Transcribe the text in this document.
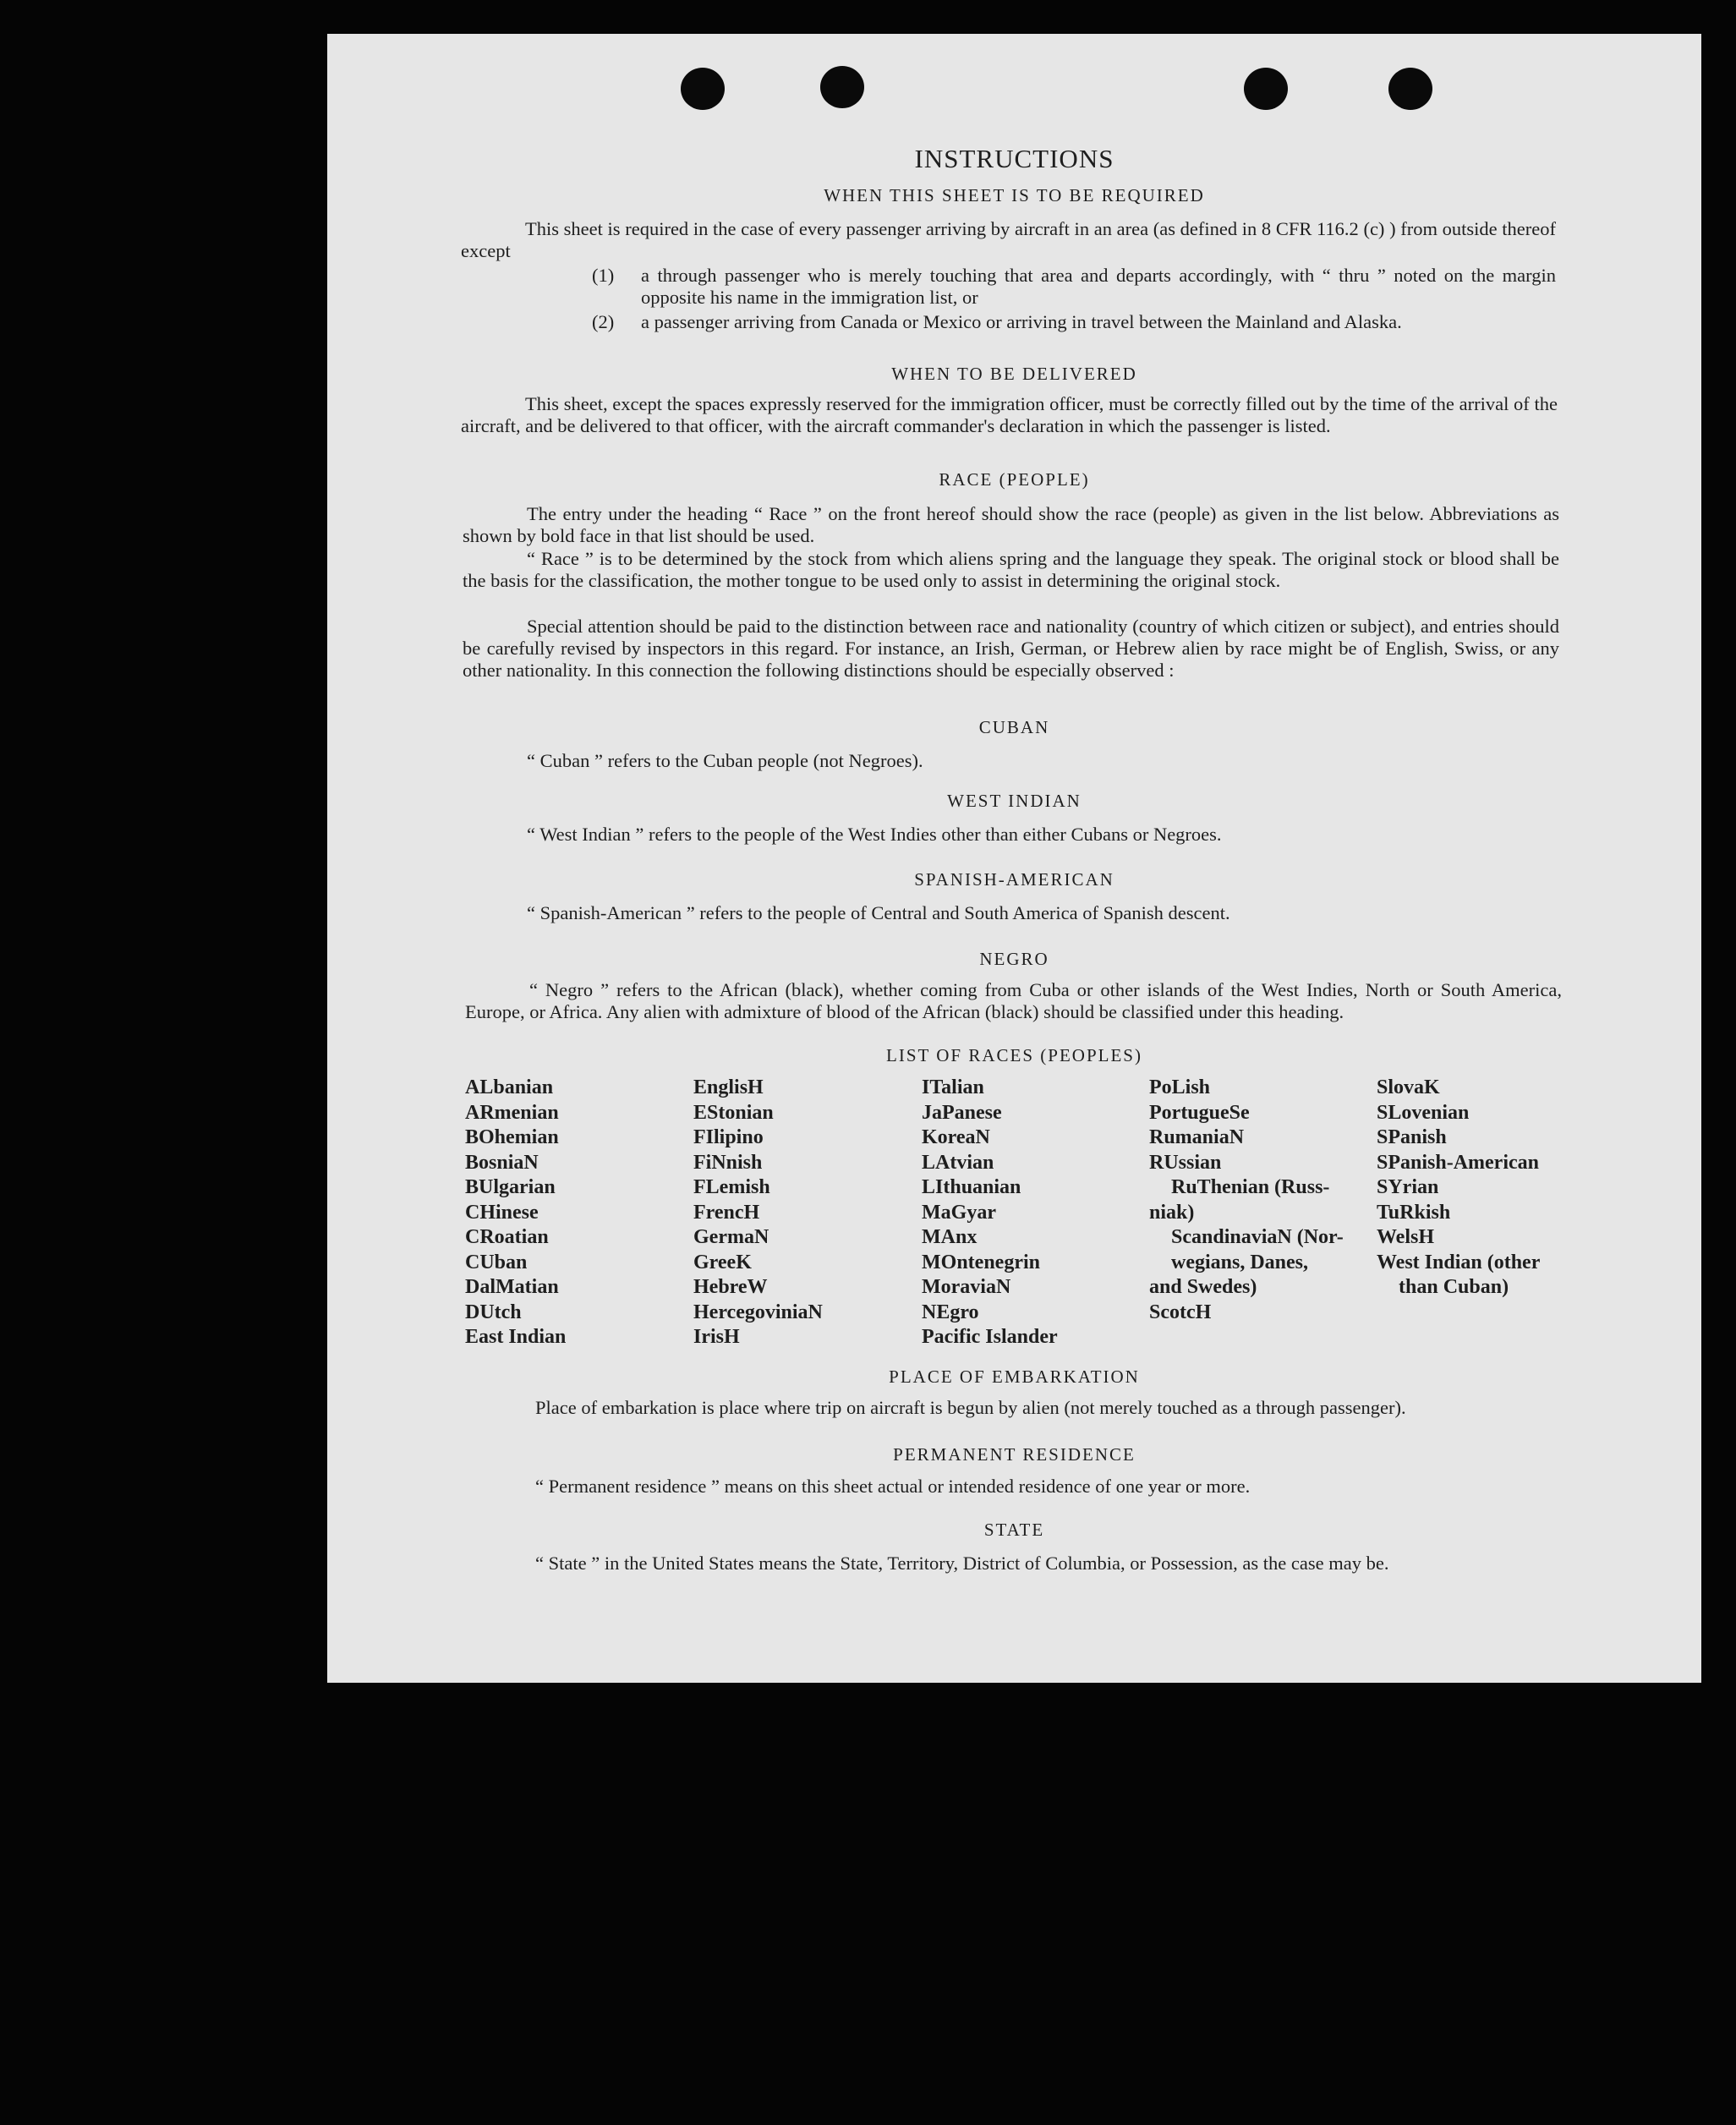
INSTRUCTIONS
WHEN THIS SHEET IS TO BE REQUIRED

This sheet is required in the case of every passenger arriving by aircraft in an area (as defined in 8 CFR 116.2 (c) ) from outside thereof except

(1) a through passenger who is merely touching that area and departs accordingly, with “ thru ” noted on the margin opposite his name in the immigration list, or
(2) a passenger arriving from Canada or Mexico or arriving in travel between the Mainland and Alaska.
WHEN TO BE DELIVERED

This sheet, except the spaces expressly reserved for the immigration officer, must be correctly filled out by the time of the arrival of the aircraft, and be delivered to that officer, with the aircraft commander's declaration in which the passenger is listed.

RACE (PEOPLE)

The entry under the heading “ Race ” on the front hereof should show the race (people) as given in the list below. Abbreviations as shown by bold face in that list should be used.

“ Race ” is to be determined by the stock from which aliens spring and the language they speak. The original stock or blood shall be the basis for the classification, the mother tongue to be used only to assist in determining the original stock.

Special attention should be paid to the distinction between race and nationality (country of which citizen or subject), and entries should be carefully revised by inspectors in this regard. For instance, an Irish, German, or Hebrew alien by race might be of English, Swiss, or any other nationality. In this connection the following distinctions should be especially observed :

CUBAN

“ Cuban ” refers to the Cuban people (not Negroes).

WEST INDIAN

“ West Indian ” refers to the people of the West Indies other than either Cubans or Negroes.

SPANISH-AMERICAN

“ Spanish-American ” refers to the people of Central and South America of Spanish descent.

NEGRO

“ Negro ” refers to the African (black), whether coming from Cuba or other islands of the West Indies, North or South America, Europe, or Africa. Any alien with admixture of blood of the African (black) should be classified under this heading.

LIST OF RACES (PEOPLES)
ALbanian
ARmenian
BOhemian
BosniaN
BUlgarian
CHinese
CRoatian
CUban
DalMatian
DUtch
East Indian
EnglisH
EStonian
FIlipino
FiNnish
FLemish
FrencH
GermaN
GreeK
HebreW
HercegoviniaN
IrisH
ITalian
JaPanese
KoreaN
LAtvian
LIthuanian
MaGyar
MAnx
MOntenegrin
MoraviaN
NEgro
Pacific Islander
PoLish
PortugueSe
RumaniaN
RUssian
RuThenian (Russ-
niak)
ScandinaviaN (Nor-
wegians, Danes,
and Swedes)
ScotcH
SlovaK
SLovenian
SPanish
SPanish-American
SYrian
TuRkish
WelsH
West Indian (other
than Cuban)
PLACE OF EMBARKATION

Place of embarkation is place where trip on aircraft is begun by alien (not merely touched as a through passenger).

PERMANENT RESIDENCE

“ Permanent residence ” means on this sheet actual or intended residence of one year or more.

STATE

“ State ” in the United States means the State, Territory, District of Columbia, or Possession, as the case may be.
